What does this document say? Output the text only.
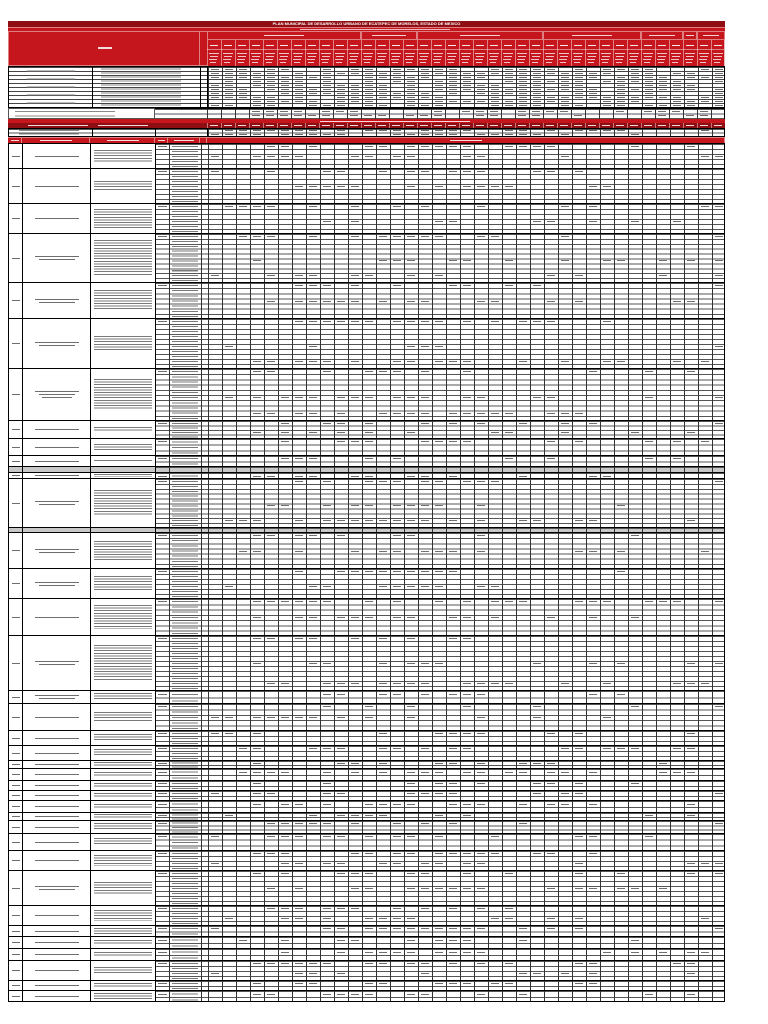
PLAN MUNICIPAL DE DESARROLLO URBANO DE ECATEPEC DE MORELOS, ESTADO DE MEXICO
